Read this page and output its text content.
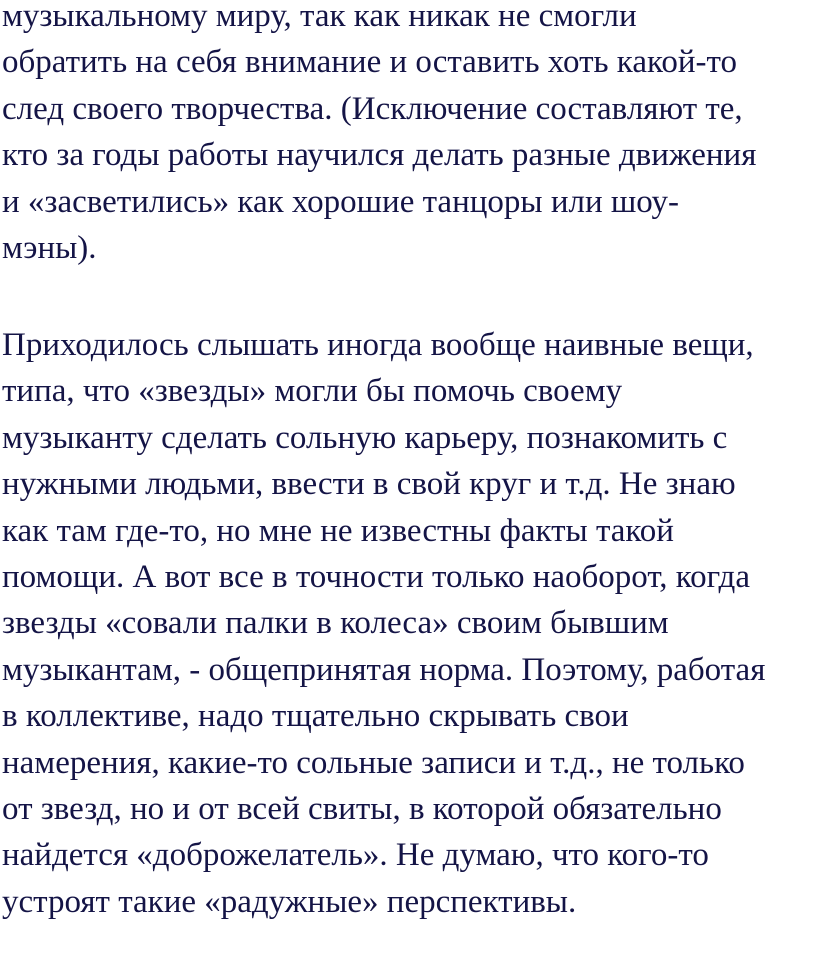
музыкальному миру, так как никак не смогли
обратить на себя внимание и оставить хоть какой-то
след своего творчества. (Исключение составляют те,
кто за годы работы научился делать разные движения
и «засветились» как хорошие танцоры или шоу-
мэны).
Приходилось слышать иногда вообще наивные вещи,
типа, что «звезды» могли бы помочь своему
музыканту сделать сольную карьеру, познакомить с
нужными людьми, ввести в свой круг и т.д. Не знаю
как там где-то, но мне не известны факты такой
помощи. А вот все в точности только наоборот, когда
звезды «совали палки в колеса» своим бывшим
музыкантам, - общепринятая норма. Поэтому, работая
в коллективе, надо тщательно скрывать свои
намерения, какие-то сольные записи и т.д., не только
от звезд, но и от всей свиты, в которой обязательно
найдется «доброжелатель». Не думаю, что кого-то
устроят такие «радужные» перспективы.
